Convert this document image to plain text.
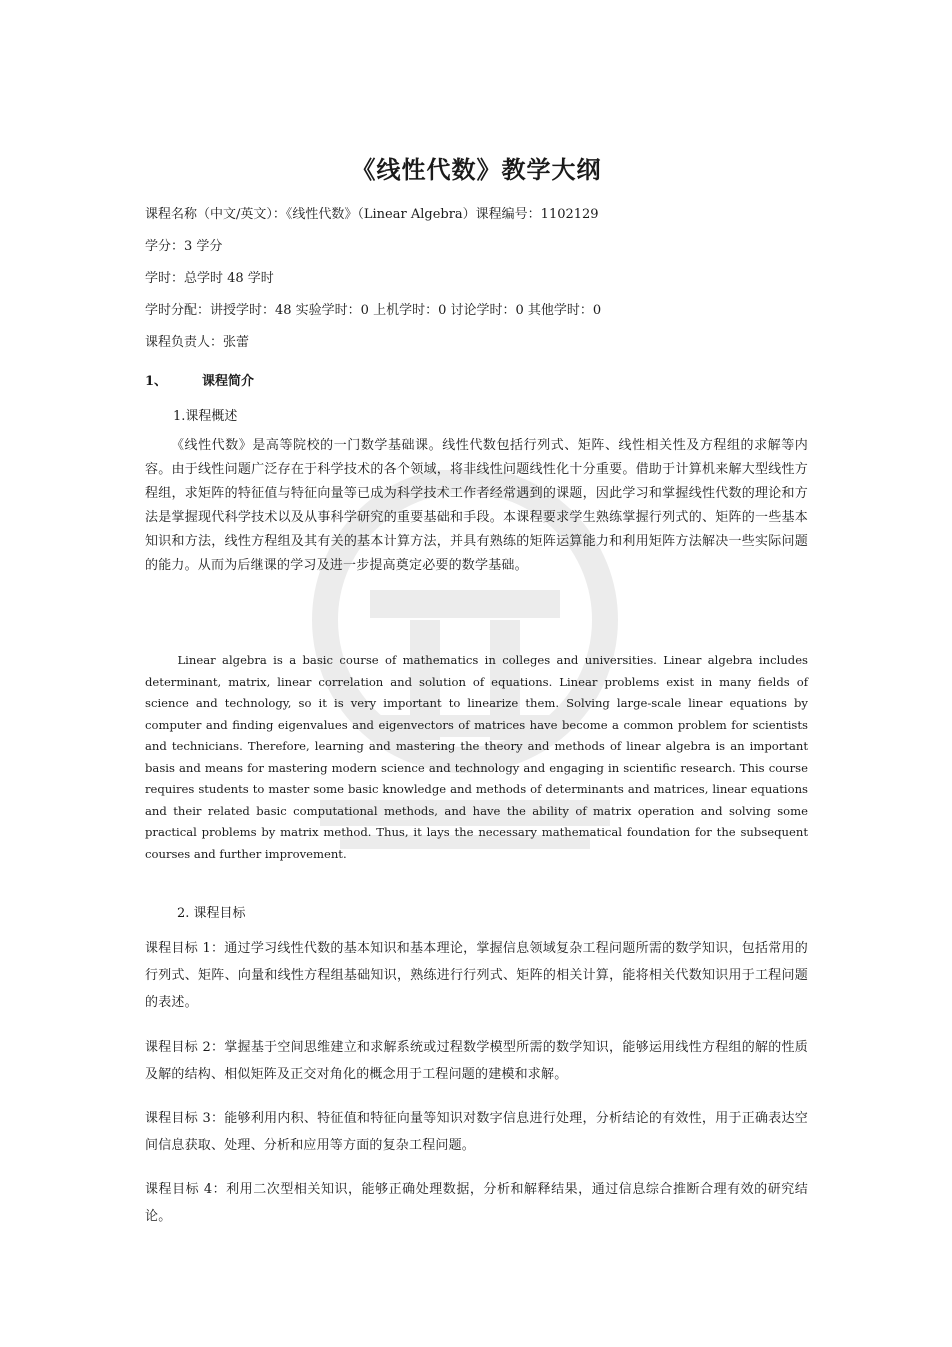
《线性代数》教学大纲
课程名称（中文/英文）：《线性代数》（Linear Algebra）课程编号：1102129
学分：3 学分
学时：总学时 48 学时
学时分配：讲授学时：48 实验学时：0 上机学时：0 讨论学时：0 其他学时：0
课程负责人：张蕾
1、	课程简介
1.课程概述
《线性代数》是高等院校的一门数学基础课。线性代数包括行列式、矩阵、线性相关性及方程组的求解等内容。由于线性问题广泛存在于科学技术的各个领域，将非线性问题线性化十分重要。借助于计算机来解大型线性方程组，求矩阵的特征值与特征向量等已成为科学技术工作者经常遇到的课题，因此学习和掌握线性代数的理论和方法是掌握现代科学技术以及从事科学研究的重要基础和手段。本课程要求学生熟练掌握行列式的、矩阵的一些基本知识和方法，线性方程组及其有关的基本计算方法，并具有熟练的矩阵运算能力和利用矩阵方法解决一些实际问题的能力。从而为后继课的学习及进一步提高奠定必要的数学基础。
Linear algebra is a basic course of mathematics in colleges and universities. Linear algebra includes determinant, matrix, linear correlation and solution of equations. Linear problems exist in many fields of science and technology, so it is very important to linearize them. Solving large-scale linear equations by computer and finding eigenvalues and eigenvectors of matrices have become a common problem for scientists and technicians. Therefore, learning and mastering the theory and methods of linear algebra is an important basis and means for mastering modern science and technology and engaging in scientific research. This course requires students to master some basic knowledge and methods of determinants and matrices, linear equations and their related basic computational methods, and have the ability of matrix operation and solving some practical problems by matrix method. Thus, it lays the necessary mathematical foundation for the subsequent courses and further improvement.
2. 课程目标
课程目标 1：通过学习线性代数的基本知识和基本理论，掌握信息领域复杂工程问题所需的数学知识，包括常用的行列式、矩阵、向量和线性方程组基础知识，熟练进行行列式、矩阵的相关计算，能将相关代数知识用于工程问题的表述。
课程目标 2：掌握基于空间思维建立和求解系统或过程数学模型所需的数学知识，能够运用线性方程组的解的性质及解的结构、相似矩阵及正交对角化的概念用于工程问题的建模和求解。
课程目标 3：能够利用内积、特征值和特征向量等知识对数字信息进行处理，分析结论的有效性，用于正确表达空间信息获取、处理、分析和应用等方面的复杂工程问题。
课程目标 4：利用二次型相关知识，能够正确处理数据，分析和解释结果，通过信息综合推断合理有效的研究结论。
